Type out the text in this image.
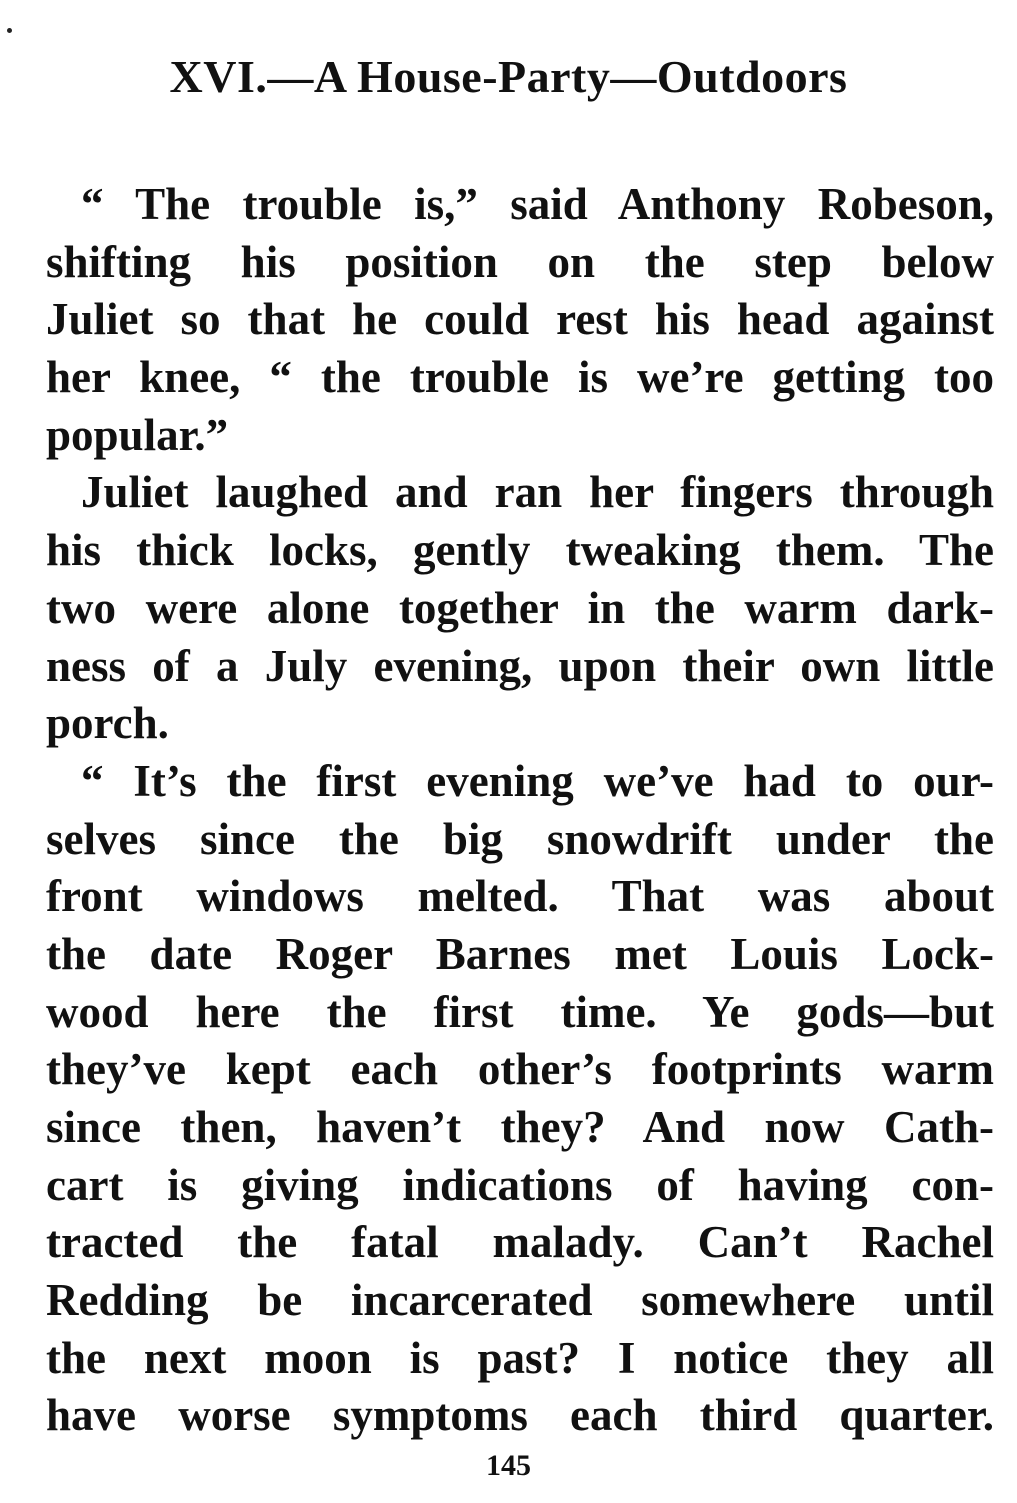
XVI.—A House-Party—Outdoors
“ The trouble is,” said Anthony Robeson,
shifting his position on the step below
Juliet so that he could rest his head against
her knee, “ the trouble is we’re getting too
popular.”
Juliet laughed and ran her fingers through
his thick locks, gently tweaking them. The
two were alone together in the warm dark-
ness of a July evening, upon their own little
porch.
“ It’s the first evening we’ve had to our-
selves since the big snowdrift under the
front windows melted. That was about
the date Roger Barnes met Louis Lock-
wood here the first time. Ye gods—but
they’ve kept each other’s footprints warm
since then, haven’t they? And now Cath-
cart is giving indications of having con-
tracted the fatal malady. Can’t Rachel
Redding be incarcerated somewhere until
the next moon is past? I notice they all
have worse symptoms each third quarter.
145
